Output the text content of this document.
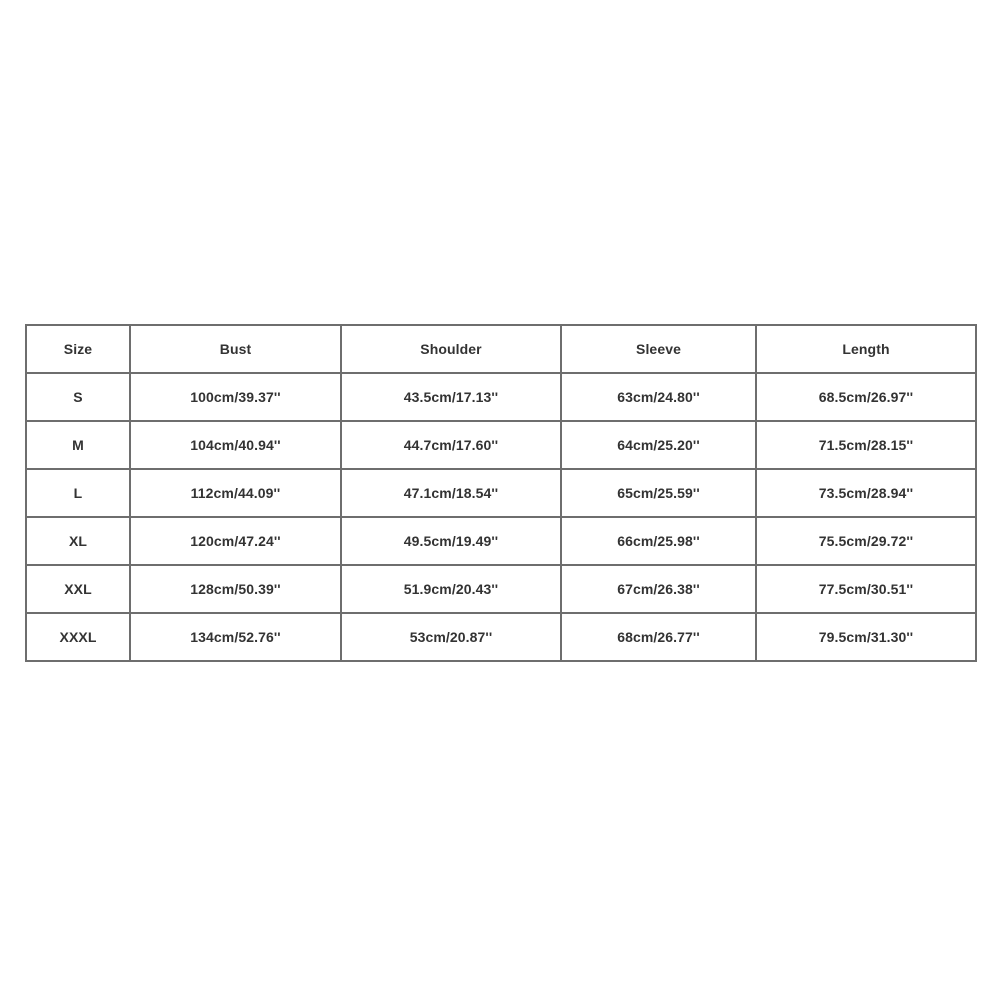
Size	Bust	Shoulder	Sleeve	Length
S	100cm/39.37''	43.5cm/17.13''	63cm/24.80''	68.5cm/26.97''
M	104cm/40.94''	44.7cm/17.60''	64cm/25.20''	71.5cm/28.15''
L	112cm/44.09''	47.1cm/18.54''	65cm/25.59''	73.5cm/28.94''
XL	120cm/47.24''	49.5cm/19.49''	66cm/25.98''	75.5cm/29.72''
XXL	128cm/50.39''	51.9cm/20.43''	67cm/26.38''	77.5cm/30.51''
XXXL	134cm/52.76''	53cm/20.87''	68cm/26.77''	79.5cm/31.30''
